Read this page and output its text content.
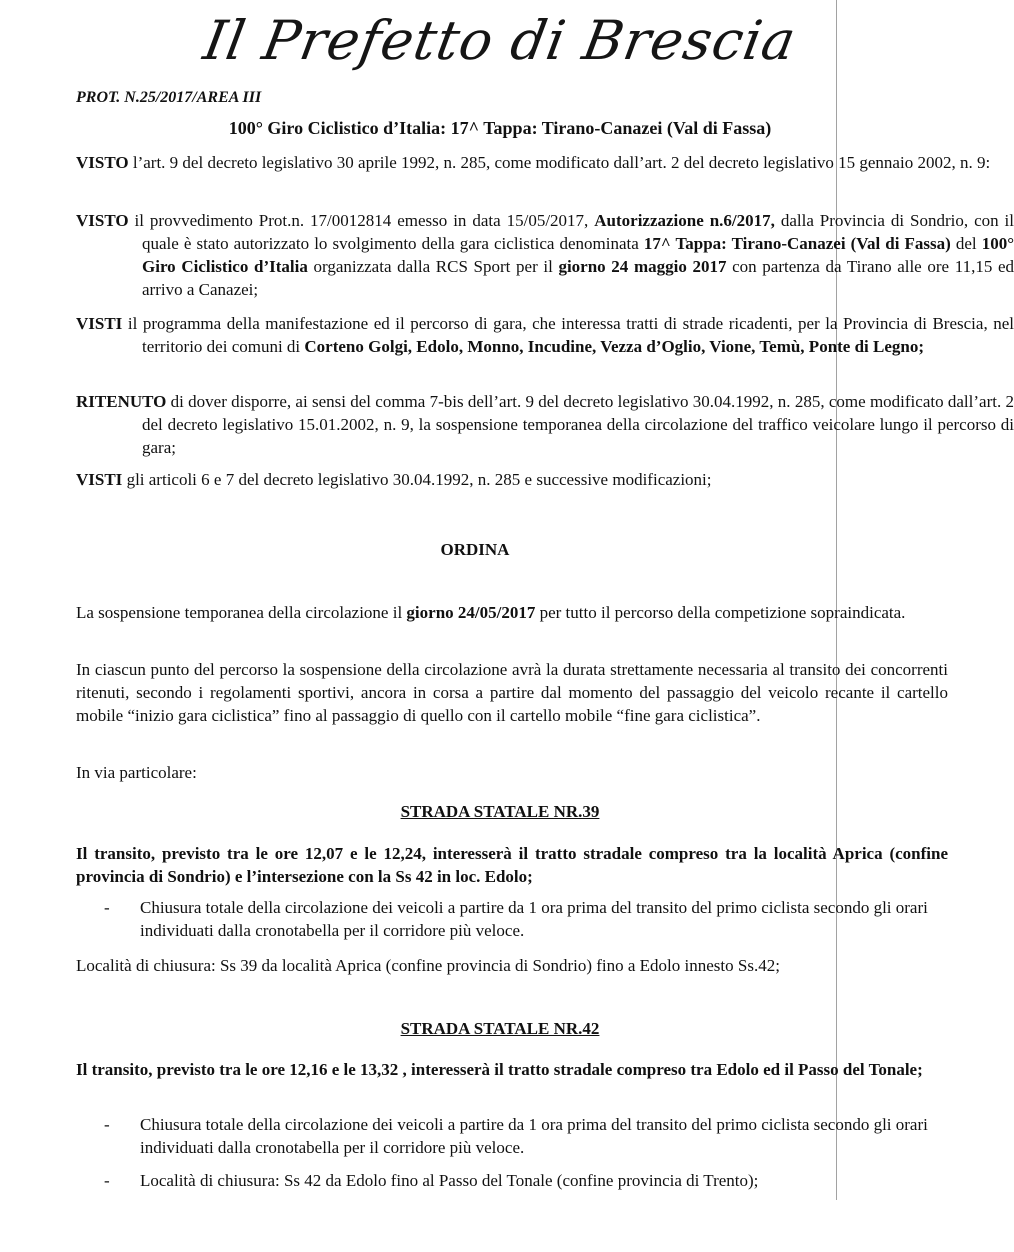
Il Prefetto di Brescia
PROT. N.25/2017/AREA III
100° Giro Ciclistico d’Italia: 17^ Tappa: Tirano-Canazei (Val di Fassa)

VISTO l’art. 9 del decreto legislativo 30 aprile 1992, n. 285, come modificato dall’art. 2 del decreto legislativo 15 gennaio 2002, n. 9:

VISTO il provvedimento Prot.n. 17/0012814 emesso in data 15/05/2017, Autorizzazione n.6/2017, dalla Provincia di Sondrio, con il quale è stato autorizzato lo svolgimento della gara ciclistica denominata 17^ Tappa: Tirano-Canazei (Val di Fassa) del 100° Giro Ciclistico d’Italia organizzata dalla RCS Sport per il giorno 24 maggio 2017 con partenza da Tirano alle ore 11,15 ed arrivo a Canazei;

VISTI il programma della manifestazione ed il percorso di gara, che interessa tratti di strade ricadenti, per la Provincia di Brescia, nel territorio dei comuni di Corteno Golgi, Edolo, Monno, Incudine, Vezza d’Oglio, Vione, Temù, Ponte di Legno;

RITENUTO di dover disporre, ai sensi del comma 7-bis dell’art. 9 del decreto legislativo 30.04.1992, n. 285, come modificato dall’art. 2 del decreto legislativo 15.01.2002, n. 9, la sospensione temporanea della circolazione del traffico veicolare lungo il percorso di gara;

VISTI gli articoli 6 e 7 del decreto legislativo 30.04.1992, n. 285 e successive modificazioni;

ORDINA

La sospensione temporanea della circolazione il giorno 24/05/2017 per tutto il percorso della competizione sopraindicata.

In ciascun punto del percorso la sospensione della circolazione avrà la durata strettamente necessaria al transito dei concorrenti ritenuti, secondo i regolamenti sportivi, ancora in corsa a partire dal momento del passaggio del veicolo recante il cartello mobile “inizio gara ciclistica” fino al passaggio di quello con il cartello mobile “fine gara ciclistica”.

In via particolare:

STRADA STATALE NR.39

Il transito, previsto tra le ore 12,07 e le 12,24, interesserà il tratto stradale compreso tra la località Aprica (confine provincia di Sondrio) e l’intersezione con la Ss 42 in loc. Edolo;

- Chiusura totale della circolazione dei veicoli a partire da 1 ora prima del transito del primo ciclista secondo gli orari individuati dalla cronotabella per il corridore più veloce.

Località di chiusura: Ss 39 da località Aprica (confine provincia di Sondrio) fino a Edolo innesto Ss.42;

STRADA STATALE NR.42

Il transito, previsto tra le ore 12,16 e le 13,32 , interesserà il tratto stradale compreso tra Edolo ed il Passo del Tonale;

- Chiusura totale della circolazione dei veicoli a partire da 1 ora prima del transito del primo ciclista secondo gli orari individuati dalla cronotabella per il corridore più veloce.
- Località di chiusura: Ss 42 da Edolo fino al Passo del Tonale (confine provincia di Trento);
